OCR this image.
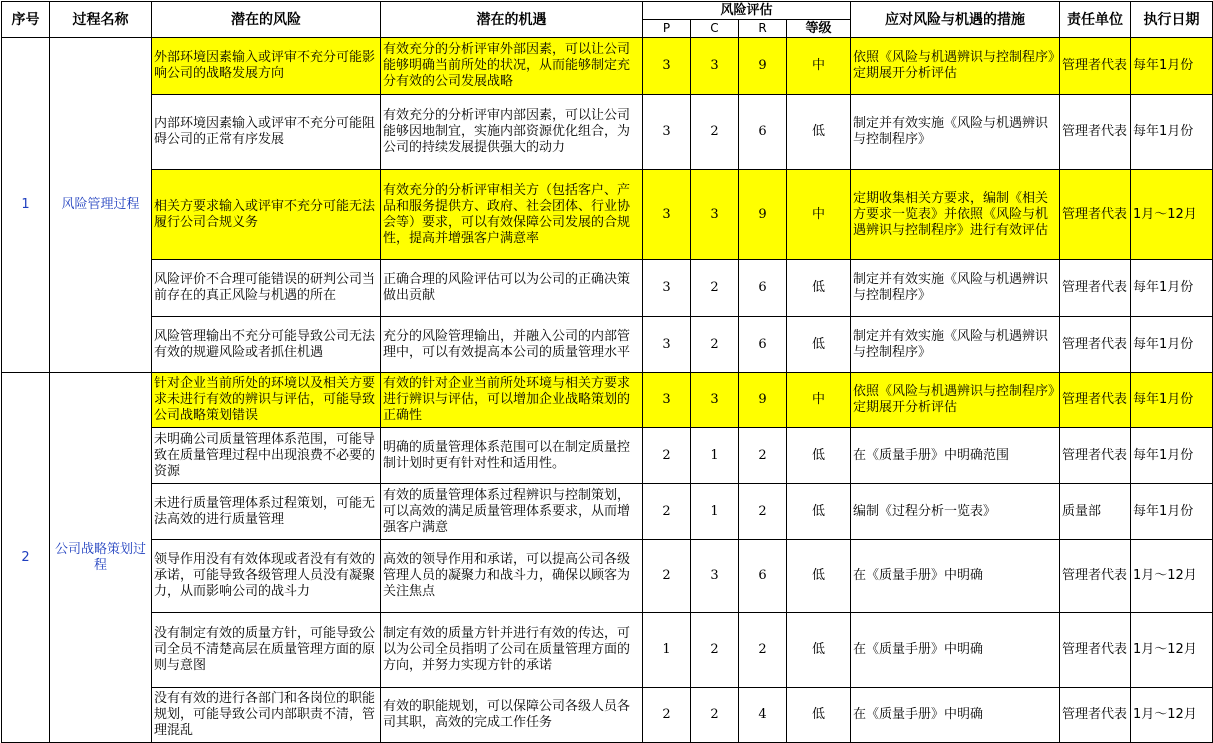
序号	过程名称	潜在的风险	潜在的机遇	风险评估				应对风险与机遇的措施	责任单位	执行日期
				P	C	R	等级			
1	风险管理过程	外部环境因素输入或评审不充分可能影响公司的战略发展方向	有效充分的分析评审外部因素，可以让公司能够明确当前所处的状况，从而能够制定充分有效的公司发展战略	3	3	9	中	依照《风险与机遇辨识与控制程序》定期展开分析评估	管理者代表	每年1月份
		内部环境因素输入或评审不充分可能阻碍公司的正常有序发展	有效充分的分析评审内部因素，可以让公司能够因地制宜，实施内部资源优化组合，为公司的持续发展提供强大的动力	3	2	6	低	制定并有效实施《风险与机遇辨识与控制程序》	管理者代表	每年1月份
		相关方要求输入或评审不充分可能无法履行公司合规义务	有效充分的分析评审相关方（包括客户、产品和服务提供方、政府、社会团体、行业协会等）要求，可以有效保障公司发展的合规性，提高并增强客户满意率	3	3	9	中	定期收集相关方要求，编制《相关方要求一览表》并依照《风险与机遇辨识与控制程序》进行有效评估	管理者代表	1月～12月
		风险评价不合理可能错误的研判公司当前存在的真正风险与机遇的所在	正确合理的风险评估可以为公司的正确决策做出贡献	3	2	6	低	制定并有效实施《风险与机遇辨识与控制程序》	管理者代表	每年1月份
		风险管理输出不充分可能导致公司无法有效的规避风险或者抓住机遇	充分的风险管理输出，并融入公司的内部管理中，可以有效提高本公司的质量管理水平	3	2	6	低	制定并有效实施《风险与机遇辨识与控制程序》	管理者代表	每年1月份
2	公司战略策划过程	针对企业当前所处的环境以及相关方要求未进行有效的辨识与评估，可能导致公司战略策划错误	有效的针对企业当前所处环境与相关方要求进行辨识与评估，可以增加企业战略策划的正确性	3	3	9	中	依照《风险与机遇辨识与控制程序》定期展开分析评估	管理者代表	每年1月份
		未明确公司质量管理体系范围，可能导致在质量管理过程中出现浪费不必要的资源	明确的质量管理体系范围可以在制定质量控制计划时更有针对性和适用性。	2	1	2	低	在《质量手册》中明确范围	管理者代表	每年1月份
		未进行质量管理体系过程策划，可能无法高效的进行质量管理	有效的质量管理体系过程辨识与控制策划，可以高效的满足质量管理体系要求，从而增强客户满意	2	1	2	低	编制《过程分析一览表》	质量部	每年1月份
		领导作用没有有效体现或者没有有效的承诺，可能导致各级管理人员没有凝聚力，从而影响公司的战斗力	高效的领导作用和承诺，可以提高公司各级管理人员的凝聚力和战斗力，确保以顾客为关注焦点	2	3	6	低	在《质量手册》中明确	管理者代表	1月～12月
		没有制定有效的质量方针，可能导致公司全员不清楚高层在质量管理方面的原则与意图	制定有效的质量方针并进行有效的传达，可以为公司全员指明了公司在质量管理方面的方向，并努力实现方针的承诺	1	2	2	低	在《质量手册》中明确	管理者代表	1月～12月
		没有有效的进行各部门和各岗位的职能规划，可能导致公司内部职责不清，管理混乱	有效的职能规划，可以保障公司各级人员各司其职，高效的完成工作任务	2	2	4	低	在《质量手册》中明确	管理者代表	1月～12月
